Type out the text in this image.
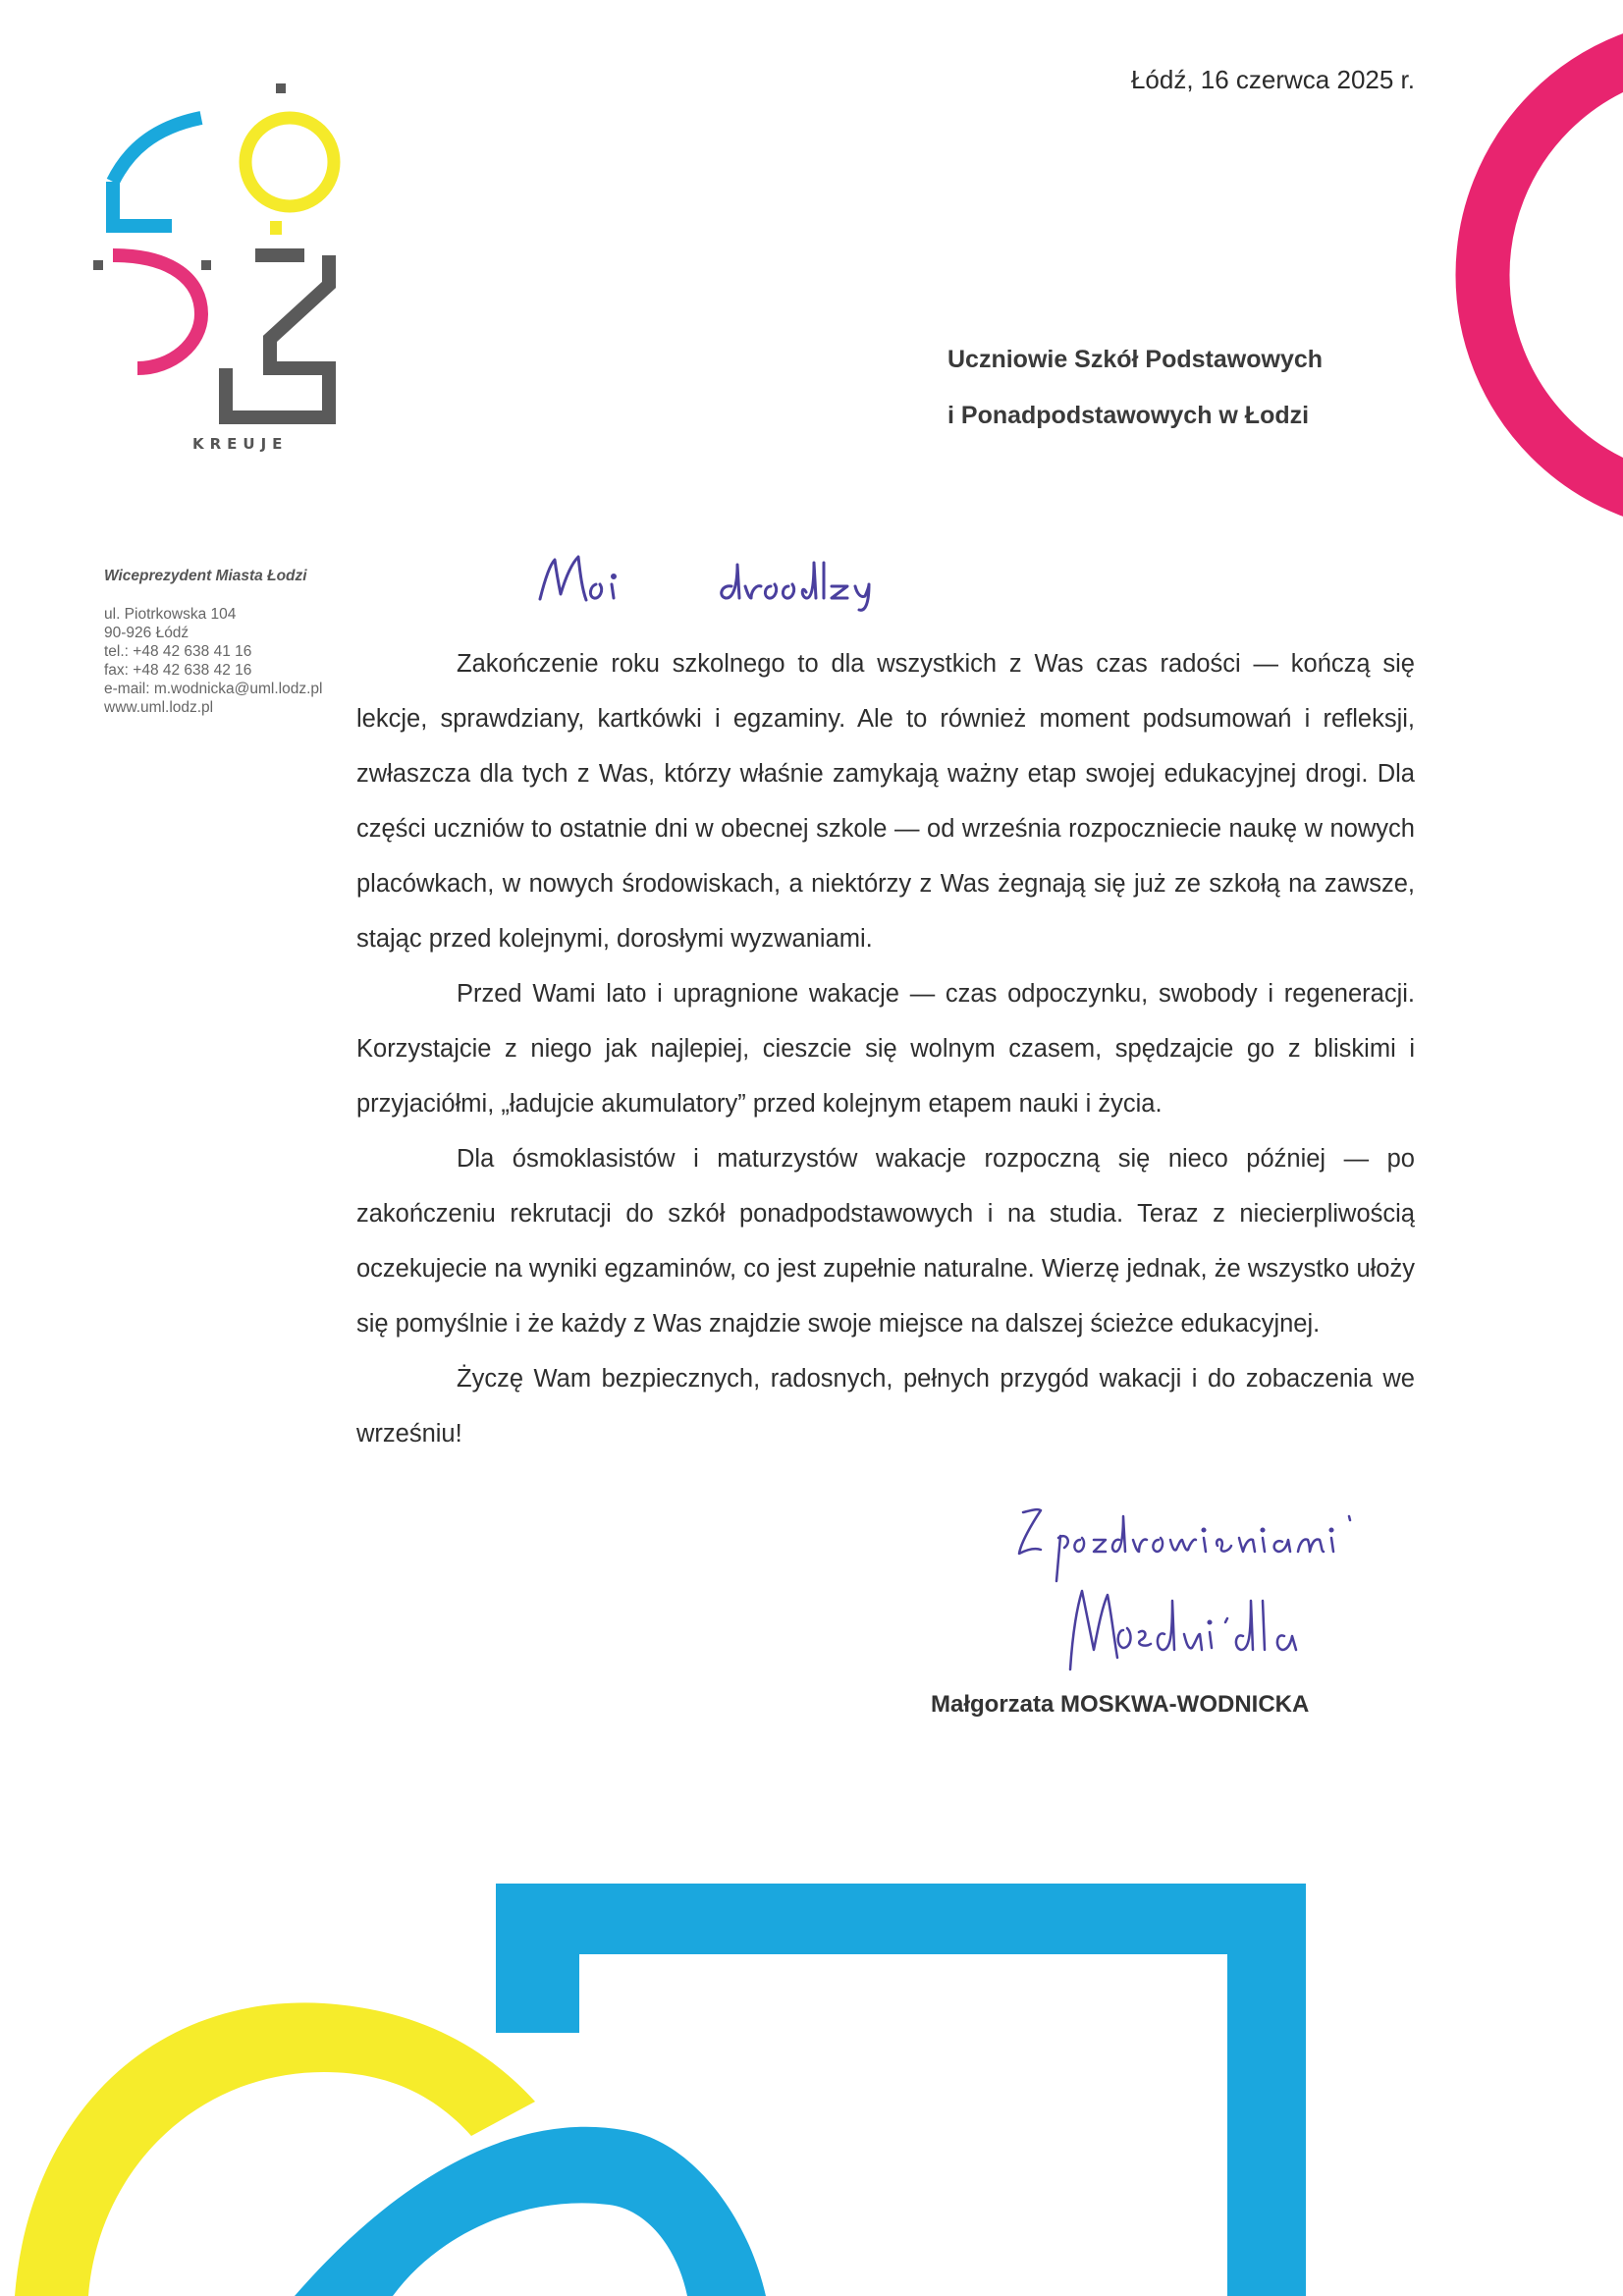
KREUJE
Łódź, 16 czerwca 2025 r.
Uczniowie Szkół Podstawowych
i Ponadpodstawowych w Łodzi
Wiceprezydent Miasta Łodzi
ul. Piotrkowska 104
90-926 Łódź
tel.: +48 42 638 41 16
fax: +48 42 638 42 16
e-mail: m.wodnicka@uml.lodz.pl
www.uml.lodz.pl

Zakończenie roku szkolnego to dla wszystkich z Was czas radości — kończą się lekcje, sprawdziany, kartkówki i egzaminy. Ale to również moment podsumowań i refleksji, zwłaszcza dla tych z Was, którzy właśnie zamykają ważny etap swojej edukacyjnej drogi. Dla części uczniów to ostatnie dni w obecnej szkole — od września rozpoczniecie naukę w nowych placówkach, w nowych środowiskach, a niektórzy z Was żegnają się już ze szkołą na zawsze, stając przed kolejnymi, dorosłymi wyzwaniami.

Przed Wami lato i upragnione wakacje — czas odpoczynku, swobody i regeneracji. Korzystajcie z niego jak najlepiej, cieszcie się wolnym czasem, spędzajcie go z bliskimi i przyjaciółmi, „ładujcie akumulatory” przed kolejnym etapem nauki i życia.

Dla ósmoklasistów i maturzystów wakacje rozpoczną się nieco później — po zakończeniu rekrutacji do szkół ponadpodstawowych i na studia. Teraz z niecierpliwością oczekujecie na wyniki egzaminów, co jest zupełnie naturalne. Wierzę jednak, że wszystko ułoży się pomyślnie i że każdy z Was znajdzie swoje miejsce na dalszej ścieżce edukacyjnej.

Życzę Wam bezpiecznych, radosnych, pełnych przygód wakacji i do zobaczenia we wrześniu!

Małgorzata MOSKWA-WODNICKA
